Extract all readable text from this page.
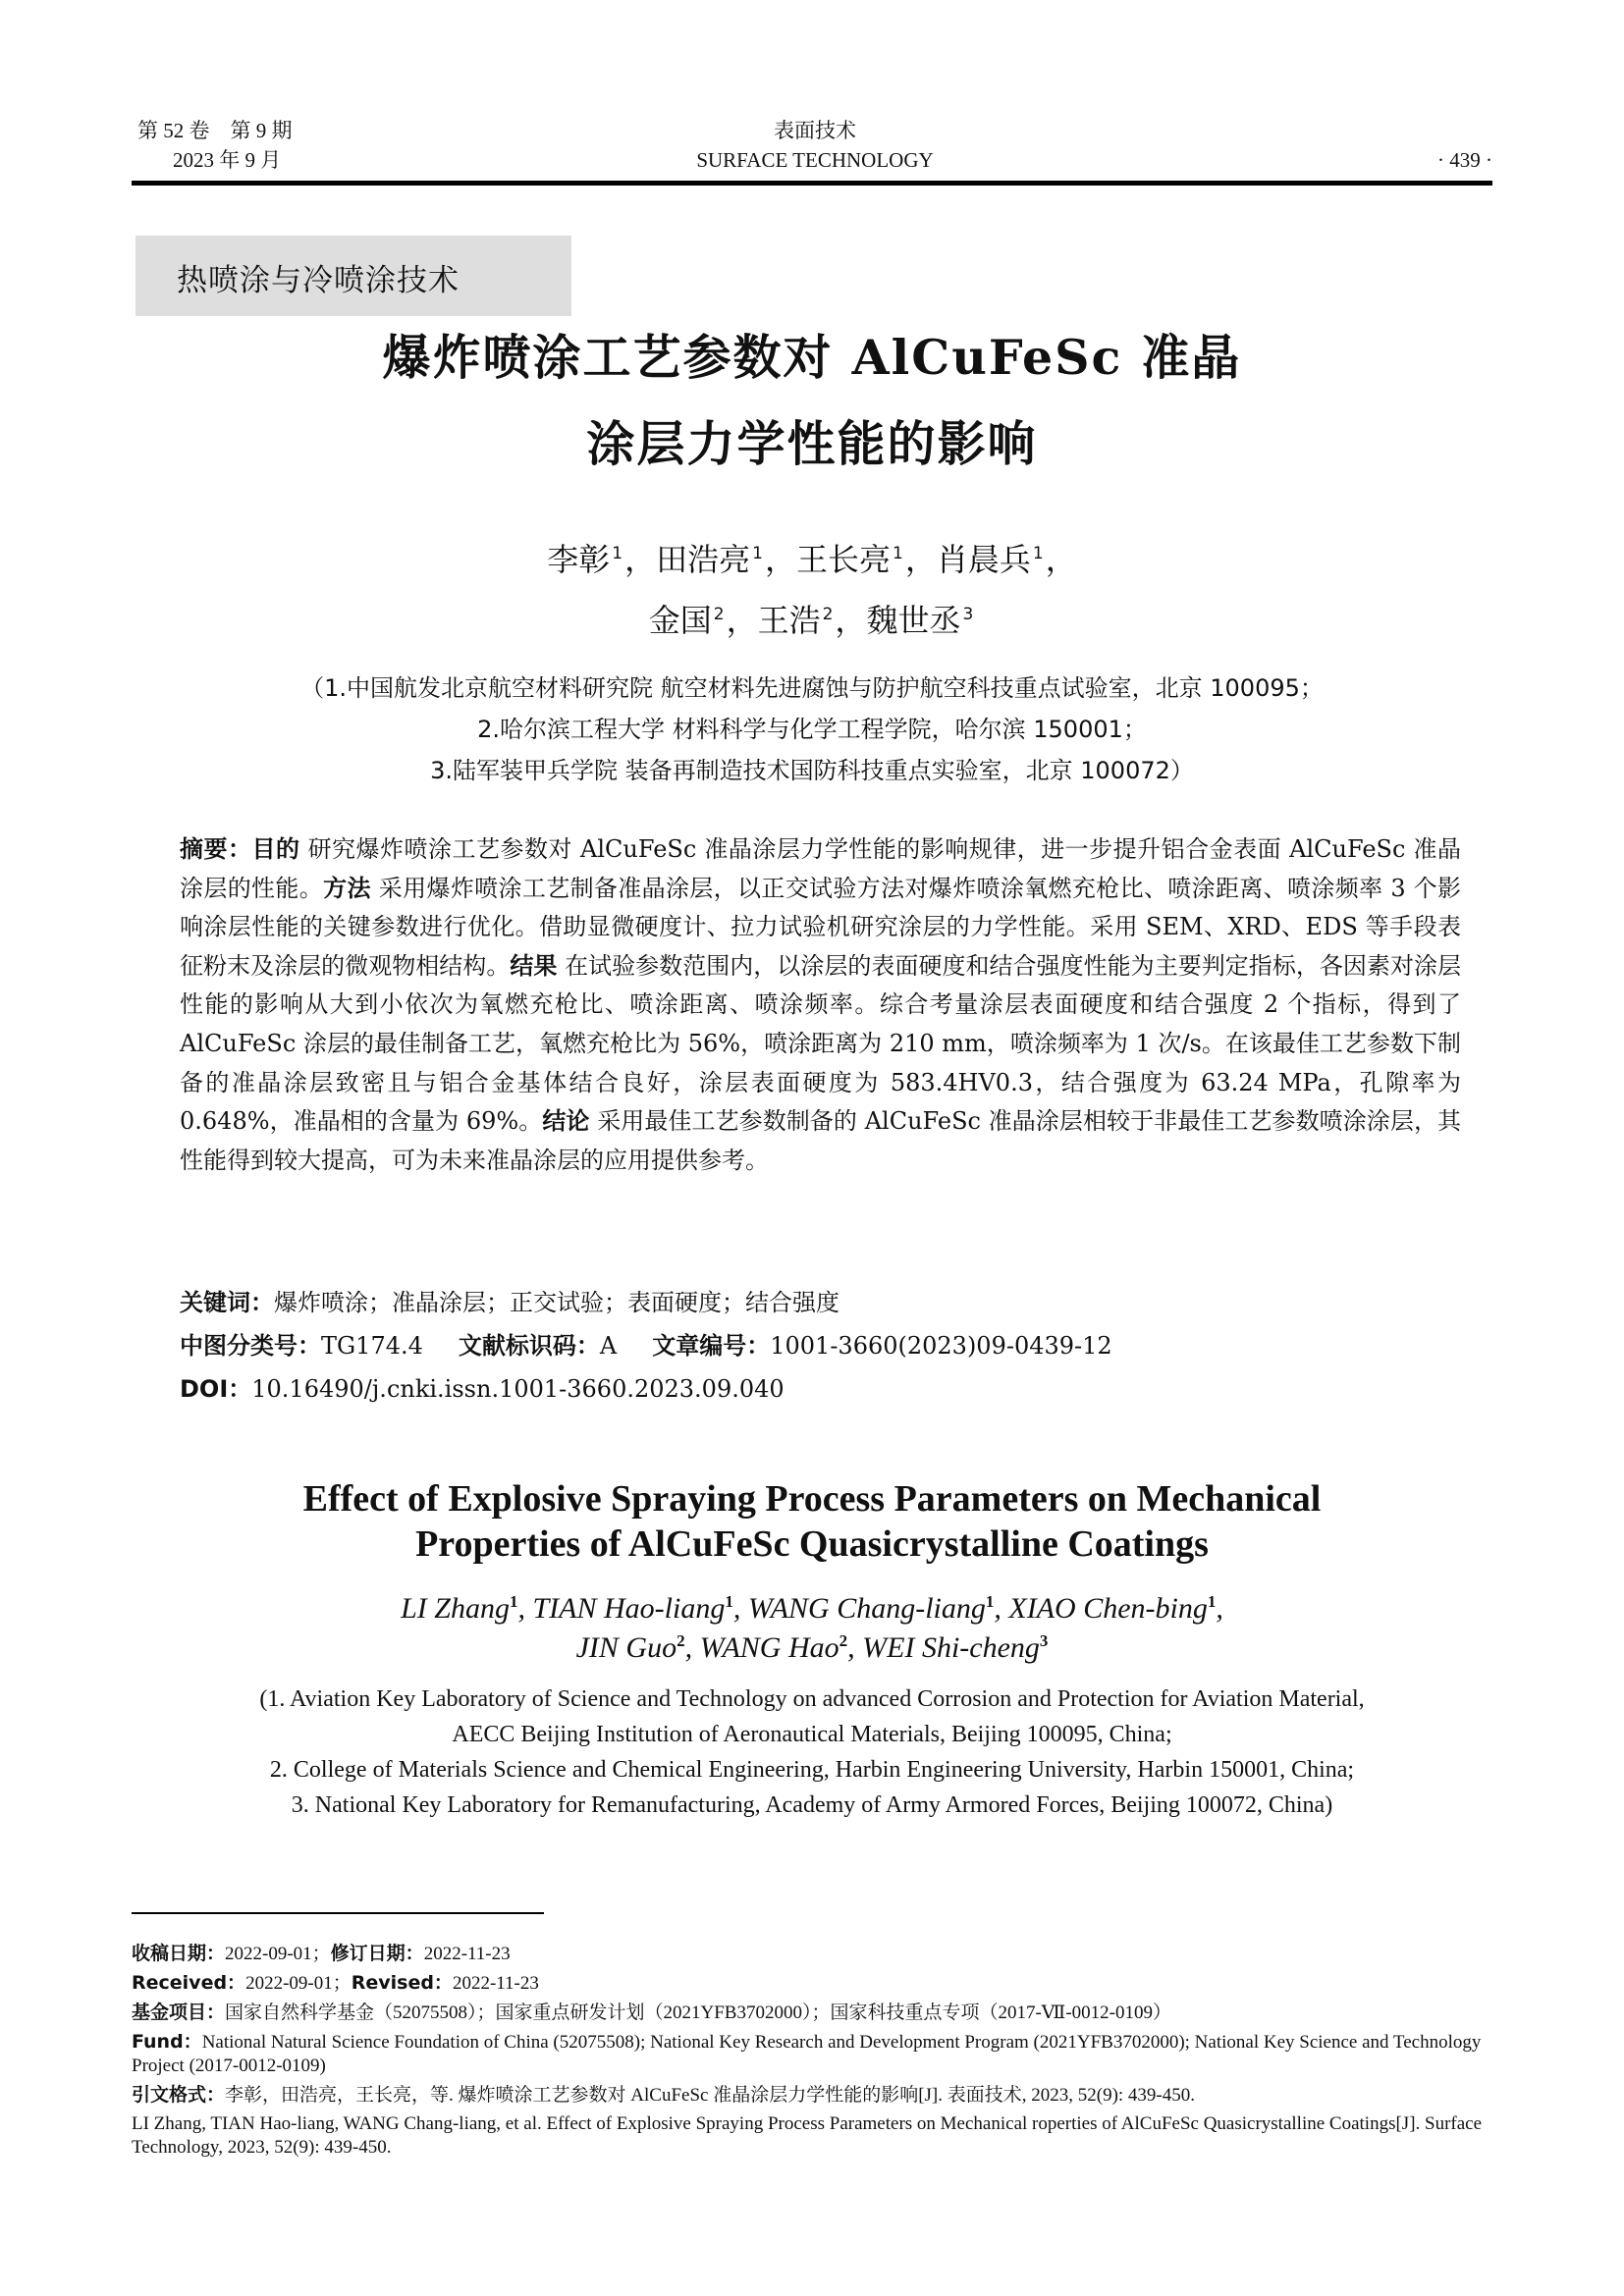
第 52 卷　第 9 期
2023 年 9 月
表面技术
SURFACE TECHNOLOGY	· 439 ·
热喷涂与冷喷涂技术
爆炸喷涂工艺参数对 AlCuFeSc 准晶
涂层力学性能的影响
李彰 $^1$，田浩亮 $^1$，王长亮 $^1$，肖晨兵 $^1$，
金国 $^2$，王浩 $^2$，魏世丞 $^3$
（1.中国航发北京航空材料研究院 航空材料先进腐蚀与防护航空科技重点试验室，北京 100095；
2.哈尔滨工程大学 材料科学与化学工程学院，哈尔滨 150001；
3.陆军装甲兵学院 装备再制造技术国防科技重点实验室，北京 100072）
摘要：目的 研究爆炸喷涂工艺参数对 AlCuFeSc 准晶涂层力学性能的影响规律，进一步提升铝合金表面 AlCuFeSc 准晶涂层的性能。方法 采用爆炸喷涂工艺制备准晶涂层，以正交试验方法对爆炸喷涂氧燃充枪比、喷涂距离、喷涂频率 3 个影响涂层性能的关键参数进行优化。借助显微硬度计、拉力试验机研究涂层的力学性能。采用 SEM、XRD、EDS 等手段表征粉末及涂层的微观物相结构。结果 在试验参数范围内，以涂层的表面硬度和结合强度性能为主要判定指标，各因素对涂层性能的影响从大到小依次为氧燃充枪比、喷涂距离、喷涂频率。综合考量涂层表面硬度和结合强度 2 个指标，得到了 AlCuFeSc 涂层的最佳制备工艺，氧燃充枪比为 56%，喷涂距离为 210 mm，喷涂频率为 1 次/s。在该最佳工艺参数下制备的准晶涂层致密且与铝合金基体结合良好，涂层表面硬度为 583.4HV0.3，结合强度为 63.24 MPa，孔隙率为 0.648%，准晶相的含量为 69%。结论 采用最佳工艺参数制备的 AlCuFeSc 准晶涂层相较于非最佳工艺参数喷涂涂层，其性能得到较大提高，可为未来准晶涂层的应用提供参考。
关键词：爆炸喷涂；准晶涂层；正交试验；表面硬度；结合强度
中图分类号：TG174.4 文献标识码：A 文章编号：1001-3660(2023)09-0439-12
DOI：10.16490/j.cnki.issn.1001-3660.2023.09.040
Effect of Explosive Spraying Process Parameters on Mechanical
Properties of AlCuFeSc Quasicrystalline Coatings
LI Zhang$^1$, TIAN Hao-liang$^1$, WANG Chang-liang$^1$, XIAO Chen-bing$^1$,
JIN Guo$^2$, WANG Hao$^2$, WEI Shi-cheng$^3$
(1. Aviation Key Laboratory of Science and Technology on advanced Corrosion and Protection for Aviation Material,
AECC Beijing Institution of Aeronautical Materials, Beijing 100095, China;
2. College of Materials Science and Chemical Engineering, Harbin Engineering University, Harbin 150001, China;
3. National Key Laboratory for Remanufacturing, Academy of Army Armored Forces, Beijing 100072, China)
收稿日期：2022-09-01；修订日期：2022-11-23
Received：2022-09-01；Revised：2022-11-23
基金项目：国家自然科学基金（52075508）；国家重点研发计划（2021YFB3702000）；国家科技重点专项（2017-Ⅶ-0012-0109）
Fund：National Natural Science Foundation of China (52075508); National Key Research and Development Program (2021YFB3702000); National Key Science and Technology Project (2017-0012-0109)
引文格式：李彰，田浩亮，王长亮，等. 爆炸喷涂工艺参数对 AlCuFeSc 准晶涂层力学性能的影响[J]. 表面技术, 2023, 52(9): 439-450.
LI Zhang, TIAN Hao-liang, WANG Chang-liang, et al. Effect of Explosive Spraying Process Parameters on Mechanical roperties of AlCuFeSc Quasicrystalline Coatings[J]. Surface Technology, 2023, 52(9): 439-450.
